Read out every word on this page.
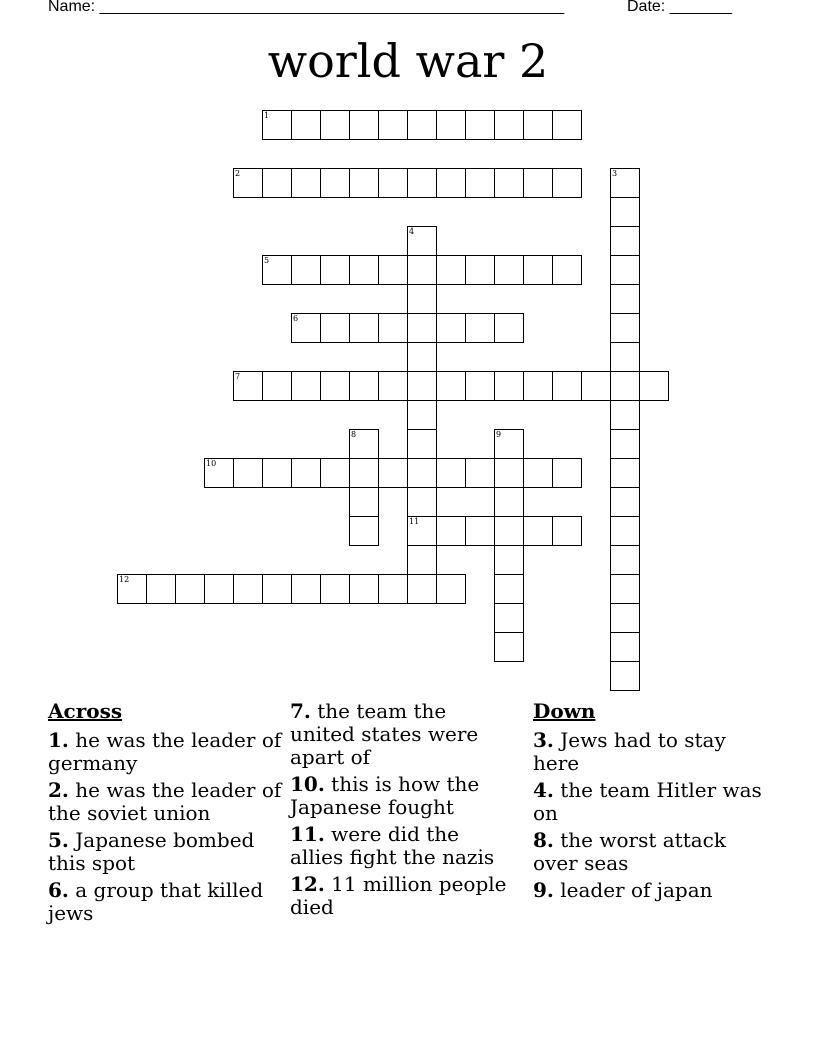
Name: ______________________________________________________	Date: _______
world war 2
1
2	3
4
11
5
6
7
8	9
10
12
Across
1. he was the leader of germany
2. he was the leader of the soviet union
5. Japanese bombed this spot
6. a group that killed jews
7. the team the united states were apart of
10. this is how the Japanese fought
11. were did the allies fight the nazis
12. 11 million people died
Down
3. Jews had to stay here
4. the team Hitler was on
8. the worst attack over seas
9. leader of japan
